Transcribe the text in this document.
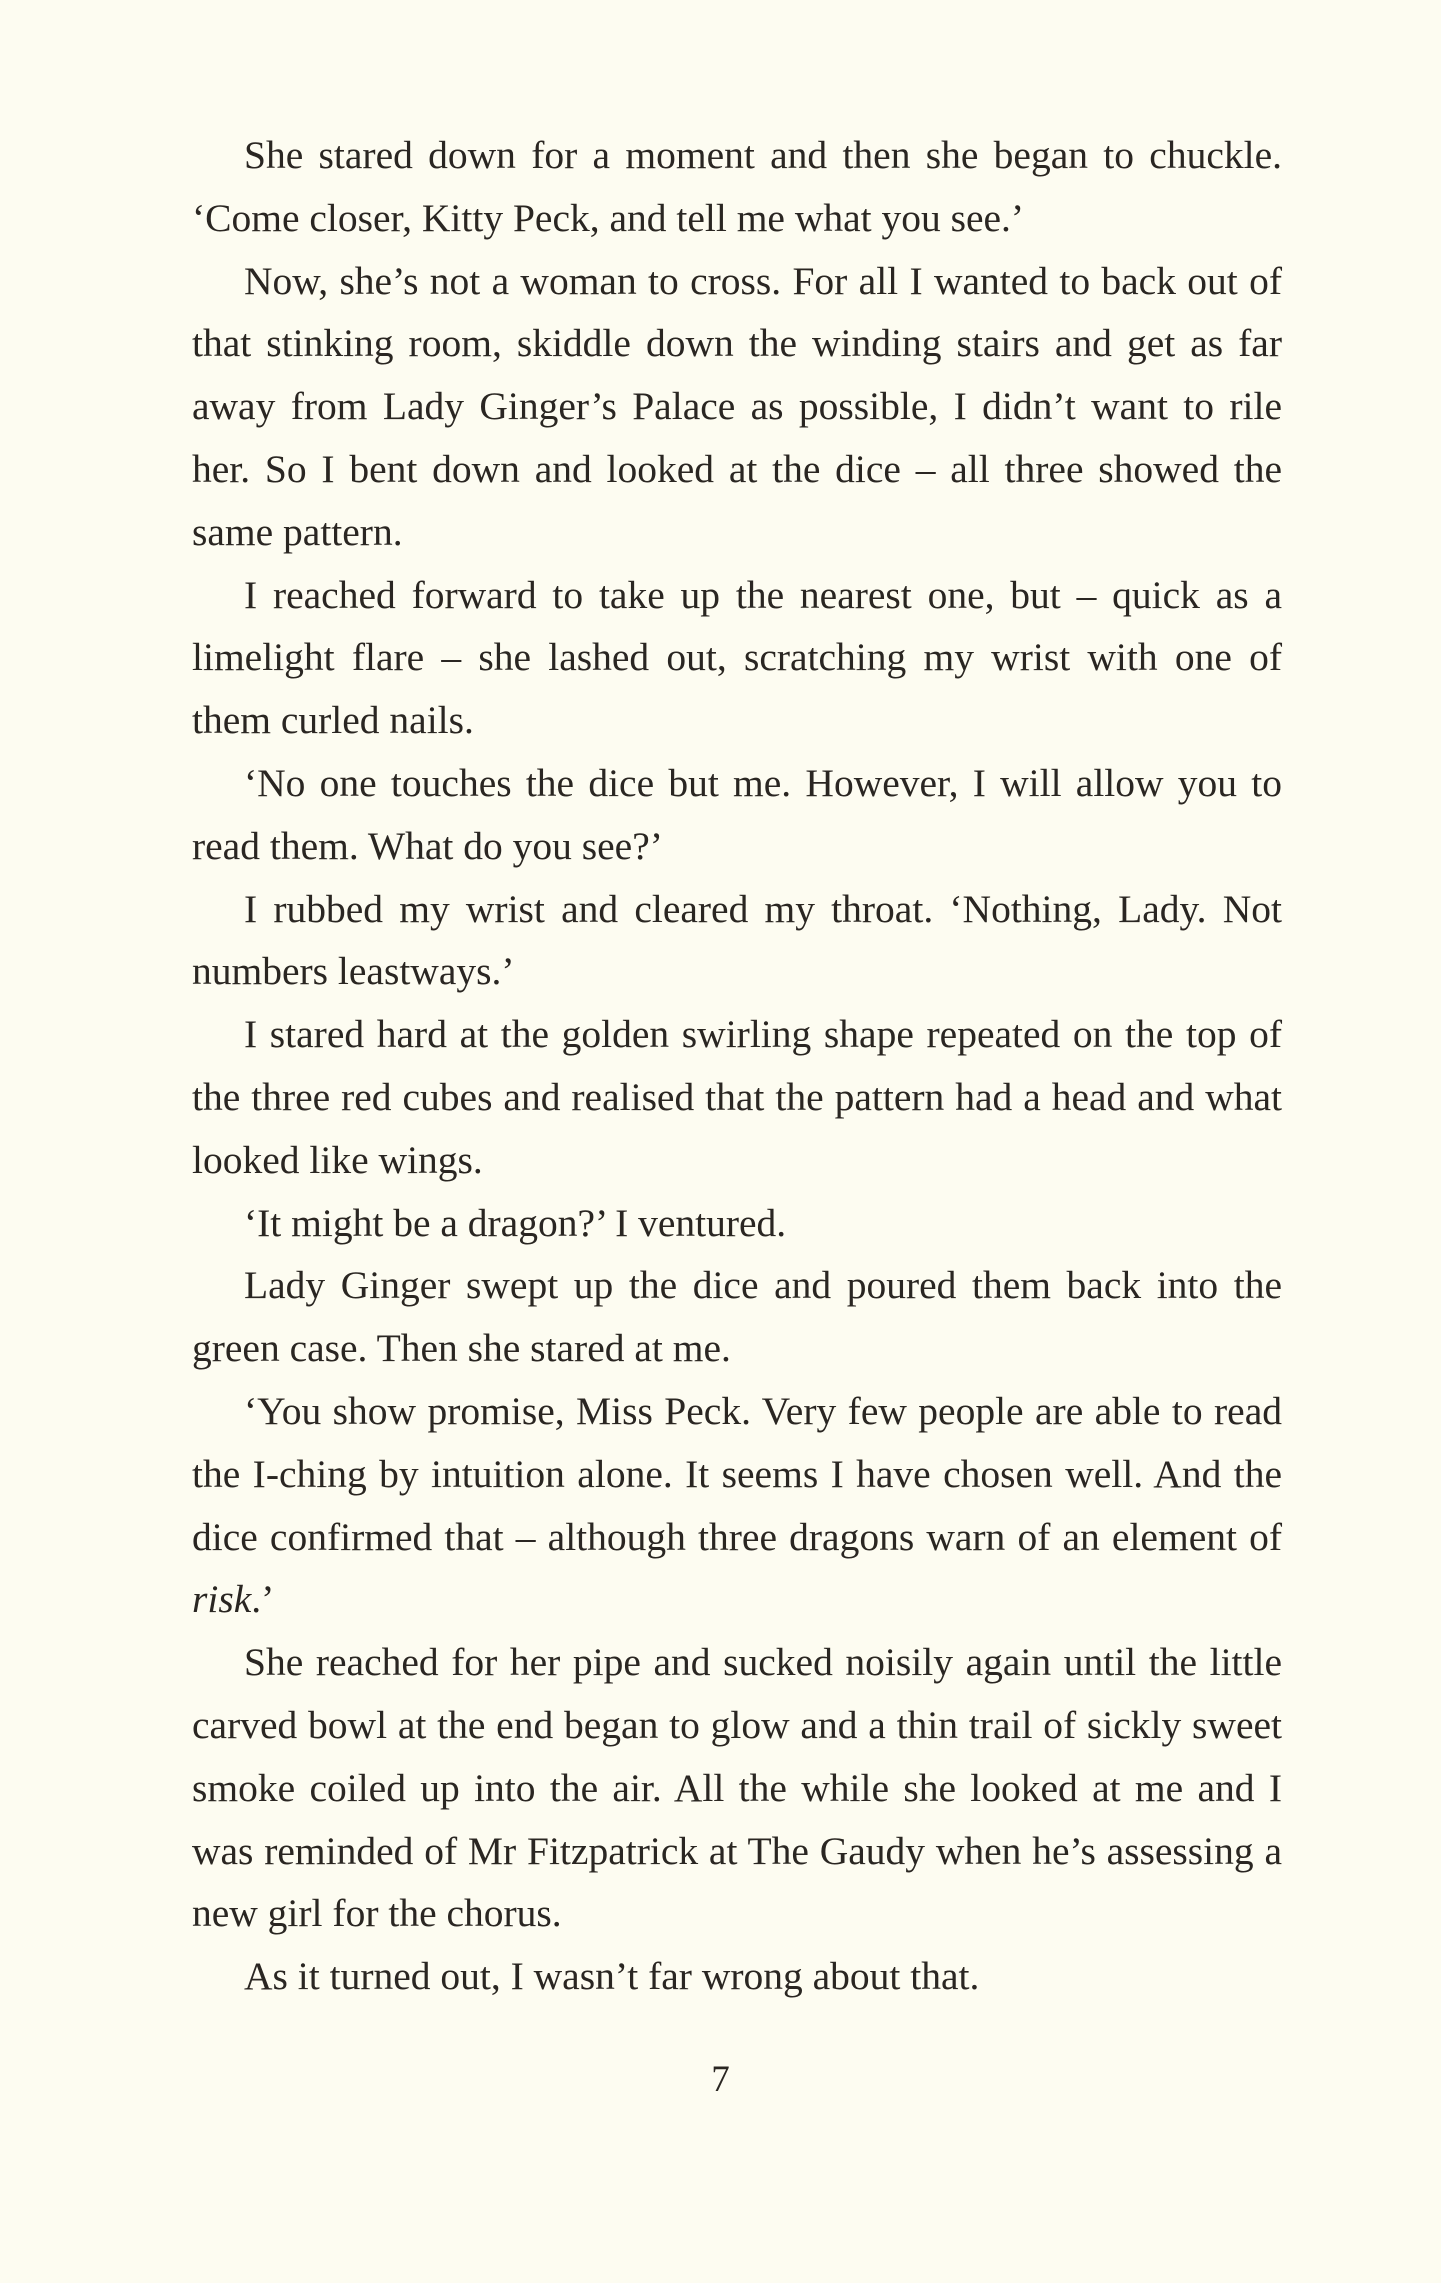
She stared down for a moment and then she began to chuckle. ‘Come closer, Kitty Peck, and tell me what you see.’

Now, she’s not a woman to cross. For all I wanted to back out of that stinking room, skiddle down the winding stairs and get as far away from Lady Ginger’s Palace as possible, I didn’t want to rile her. So I bent down and looked at the dice – all three showed the same pattern.

I reached forward to take up the nearest one, but – quick as a limelight flare – she lashed out, scratching my wrist with one of them curled nails.

‘No one touches the dice but me. However, I will allow you to read them. What do you see?’

I rubbed my wrist and cleared my throat. ‘Nothing, Lady. Not numbers leastways.’

I stared hard at the golden swirling shape repeated on the top of the three red cubes and realised that the pattern had a head and what looked like wings.

‘It might be a dragon?’ I ventured.

Lady Ginger swept up the dice and poured them back into the green case. Then she stared at me.

‘You show promise, Miss Peck. Very few people are able to read the I-ching by intuition alone. It seems I have chosen well. And the dice confirmed that – although three dragons warn of an element of risk.’

She reached for her pipe and sucked noisily again until the little carved bowl at the end began to glow and a thin trail of sickly sweet smoke coiled up into the air. All the while she looked at me and I was reminded of Mr Fitzpatrick at The Gaudy when he’s assessing a new girl for the chorus.

As it turned out, I wasn’t far wrong about that.

7
